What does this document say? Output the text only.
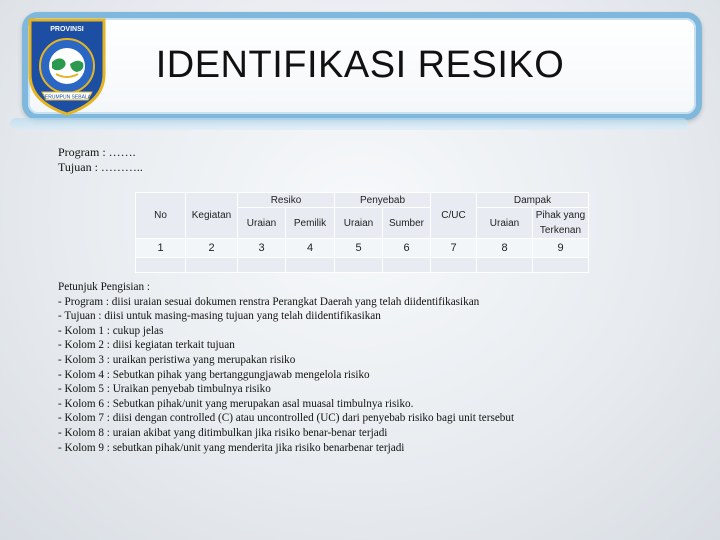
PROVINSI
SERUMPUN SEBALAI
IDENTIFIKASI RESIKO
Program : …….
Tujuan : ………..
No	Kegiatan	Resiko		Penyebab		C/UC	Dampak	
		Uraian	Pemilik	Uraian	Sumber		Uraian	Pihak yang Terkenan
1	2	3	4	5	6	7	8	9

Petunjuk Pengisian :
- Program : diisi uraian sesuai dokumen renstra Perangkat Daerah yang telah diidentifikasikan
- Tujuan : diisi untuk masing-masing tujuan yang telah diidentifikasikan
- Kolom 1 : cukup jelas
- Kolom 2 : diisi kegiatan terkait tujuan
- Kolom 3 : uraikan peristiwa yang merupakan risiko
- Kolom 4 : Sebutkan pihak yang bertanggungjawab mengelola risiko
- Kolom 5 : Uraikan penyebab timbulnya risiko
- Kolom 6 : Sebutkan pihak/unit yang merupakan asal muasal timbulnya risiko.
- Kolom 7 : diisi dengan controlled (C) atau uncontrolled (UC) dari penyebab risiko bagi unit tersebut
- Kolom 8 : uraian akibat yang ditimbulkan jika risiko benar-benar terjadi
- Kolom 9 : sebutkan pihak/unit yang menderita jika risiko benarbenar terjadi
